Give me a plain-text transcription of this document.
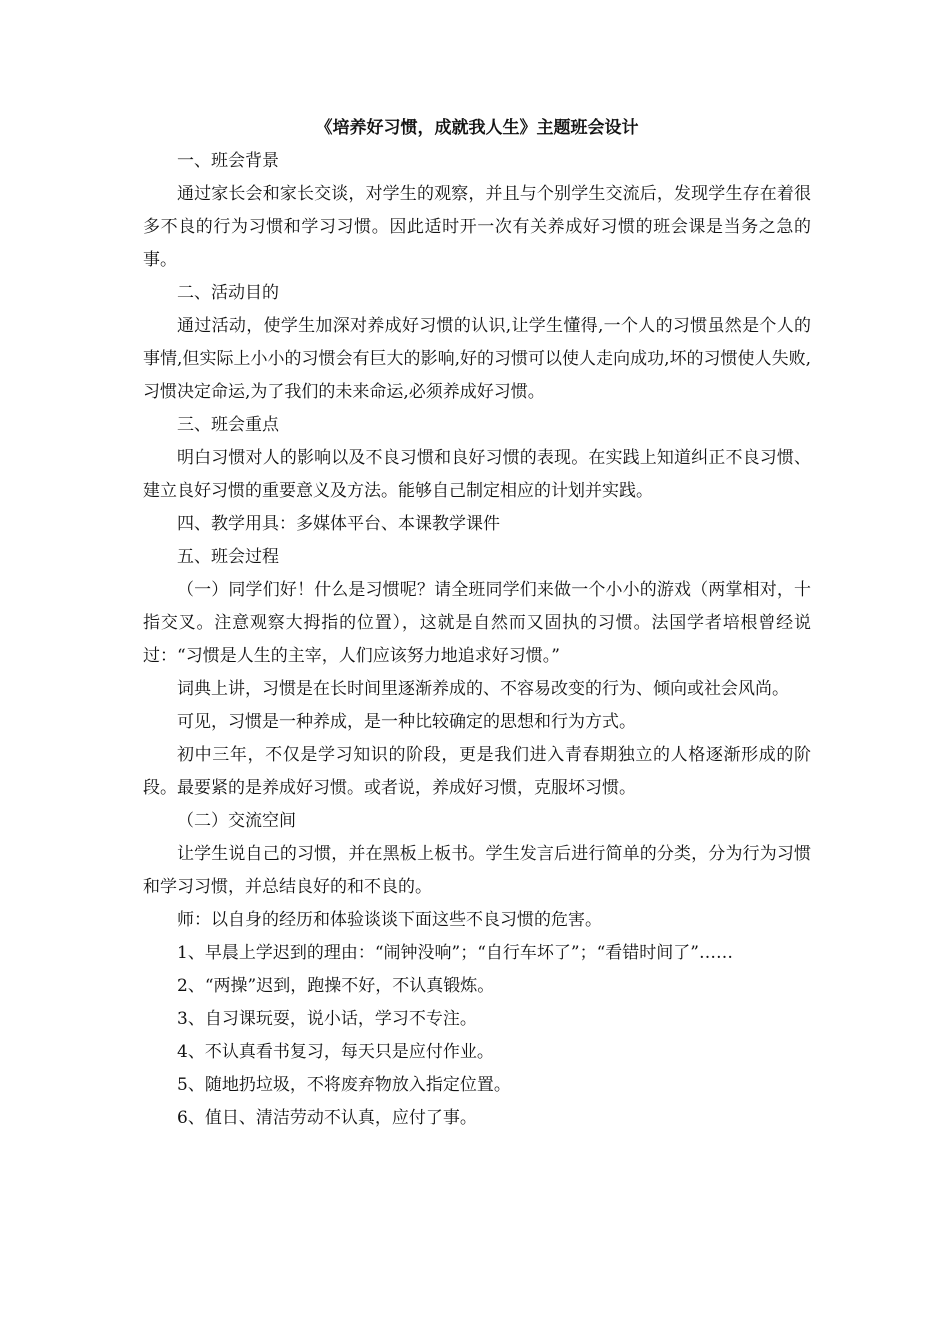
《培养好习惯，成就我人生》主题班会设计

一、班会背景

通过家长会和家长交谈，对学生的观察，并且与个别学生交流后，发现学生存在着很多不良的行为习惯和学习习惯。因此适时开一次有关养成好习惯的班会课是当务之急的事。

二、活动目的

通过活动，使学生加深对养成好习惯的认识,让学生懂得,一个人的习惯虽然是个人的事情,但实际上小小的习惯会有巨大的影响,好的习惯可以使人走向成功,坏的习惯使人失败,习惯决定命运,为了我们的未来命运,必须养成好习惯。

三、班会重点

明白习惯对人的影响以及不良习惯和良好习惯的表现。在实践上知道纠正不良习惯、建立良好习惯的重要意义及方法。能够自己制定相应的计划并实践。

四、教学用具：多媒体平台、本课教学课件

五、班会过程

（一）同学们好！什么是习惯呢？请全班同学们来做一个小小的游戏（两掌相对，十指交叉。注意观察大拇指的位置），这就是自然而又固执的习惯。法国学者培根曾经说过：“习惯是人生的主宰，人们应该努力地追求好习惯。”

词典上讲，习惯是在长时间里逐渐养成的、不容易改变的行为、倾向或社会风尚。

可见，习惯是一种养成，是一种比较确定的思想和行为方式。

初中三年，不仅是学习知识的阶段，更是我们进入青春期独立的人格逐渐形成的阶段。最要紧的是养成好习惯。或者说，养成好习惯，克服坏习惯。

（二）交流空间

让学生说自己的习惯，并在黑板上板书。学生发言后进行简单的分类，分为行为习惯和学习习惯，并总结良好的和不良的。

师：以自身的经历和体验谈谈下面这些不良习惯的危害。

1、早晨上学迟到的理由：“闹钟没响”；“自行车坏了”；“看错时间了”……

2、“两操”迟到，跑操不好，不认真锻炼。

3、自习课玩耍，说小话，学习不专注。

4、不认真看书复习，每天只是应付作业。

5、随地扔垃圾，不将废弃物放入指定位置。

6、值日、清洁劳动不认真，应付了事。
